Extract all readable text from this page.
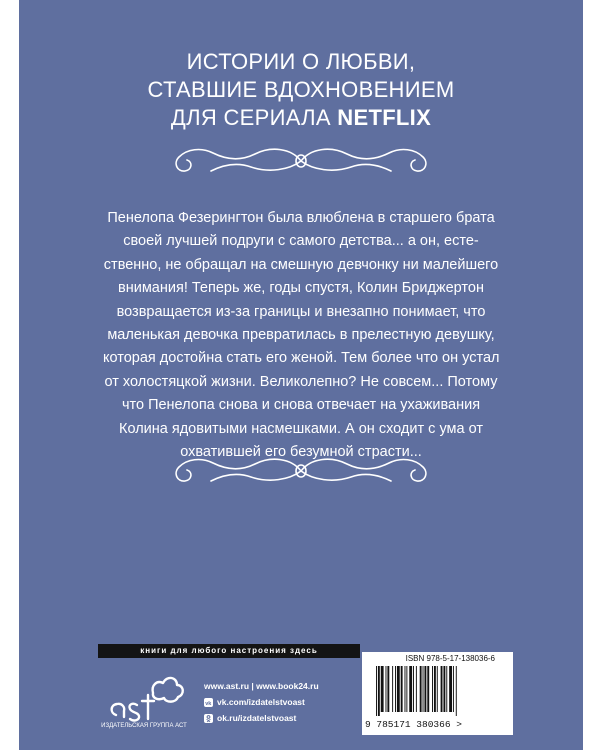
ИСТОРИИ О ЛЮБВИ,
СТАВШИЕ ВДОХНОВЕНИЕМ
ДЛЯ СЕРИАЛА NETFLIX
Пенелопа Фезерингтон была влюблена в старшего брата
своей лучшей подруги с самого детства... а он, есте-
ственно, не обращал на смешную девчонку ни малейшего
внимания! Теперь же, годы спустя, Колин Бриджертон
возвращается из-за границы и внезапно понимает, что
маленькая девочка превратилась в прелестную девушку,
которая достойна стать его женой. Тем более что он устал
от холостяцкой жизни. Великолепно? Не совсем... Потому
что Пенелопа снова и снова отвечает на ухаживания
Колина ядовитыми насмешками. А он сходит с ума от
охватившей его безумной страсти...
книги для любого настроения здесь
ИЗДАТЕЛЬСКАЯ ГРУППА АСТ
www.ast.ru | www.book24.ru
vk vk.com/izdatelstvoast
ok.ru/izdatelstvoast
ISBN 978-5-17-138036-6
9 785171 380366 >
